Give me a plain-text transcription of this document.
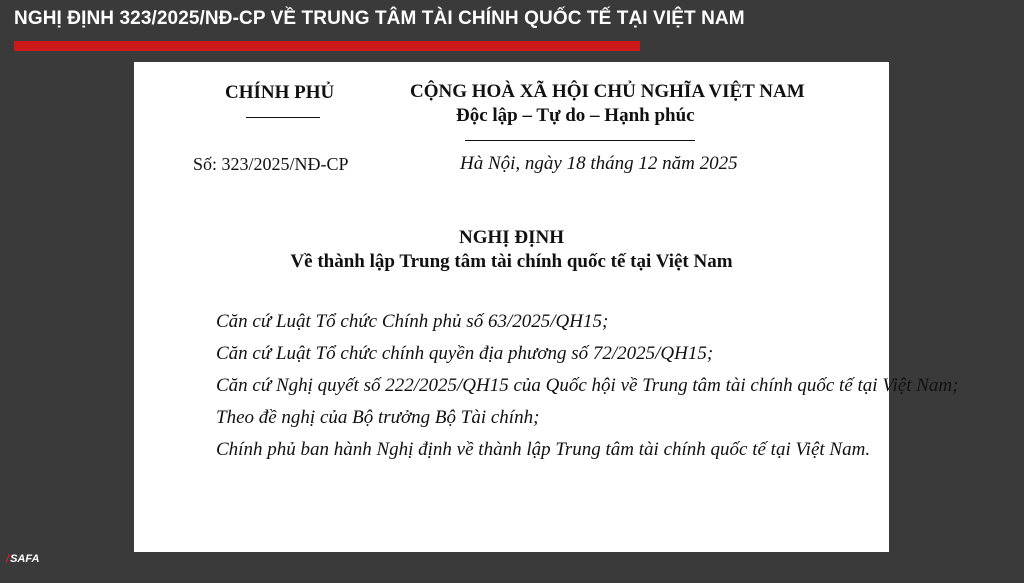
NGHỊ ĐỊNH 323/2025/NĐ-CP VỀ TRUNG TÂM TÀI CHÍNH QUỐC TẾ TẠI VIỆT NAM
CHÍNH PHỦ	CỘNG HOÀ XÃ HỘI CHỦ NGHĨA VIỆT NAM
Độc lập – Tự do – Hạnh phúc
Số: 323/2025/NĐ-CP	Hà Nội, ngày 18 tháng 12 năm 2025
NGHỊ ĐỊNH
Về thành lập Trung tâm tài chính quốc tế tại Việt Nam

Căn cứ Luật Tổ chức Chính phủ số 63/2025/QH15;

Căn cứ Luật Tổ chức chính quyền địa phương số 72/2025/QH15;

Căn cứ Nghị quyết số 222/2025/QH15 của Quốc hội về Trung tâm tài chính quốc tế tại Việt Nam;

Theo đề nghị của Bộ trưởng Bộ Tài chính;

Chính phủ ban hành Nghị định về thành lập Trung tâm tài chính quốc tế tại Việt Nam.

/SAFA
